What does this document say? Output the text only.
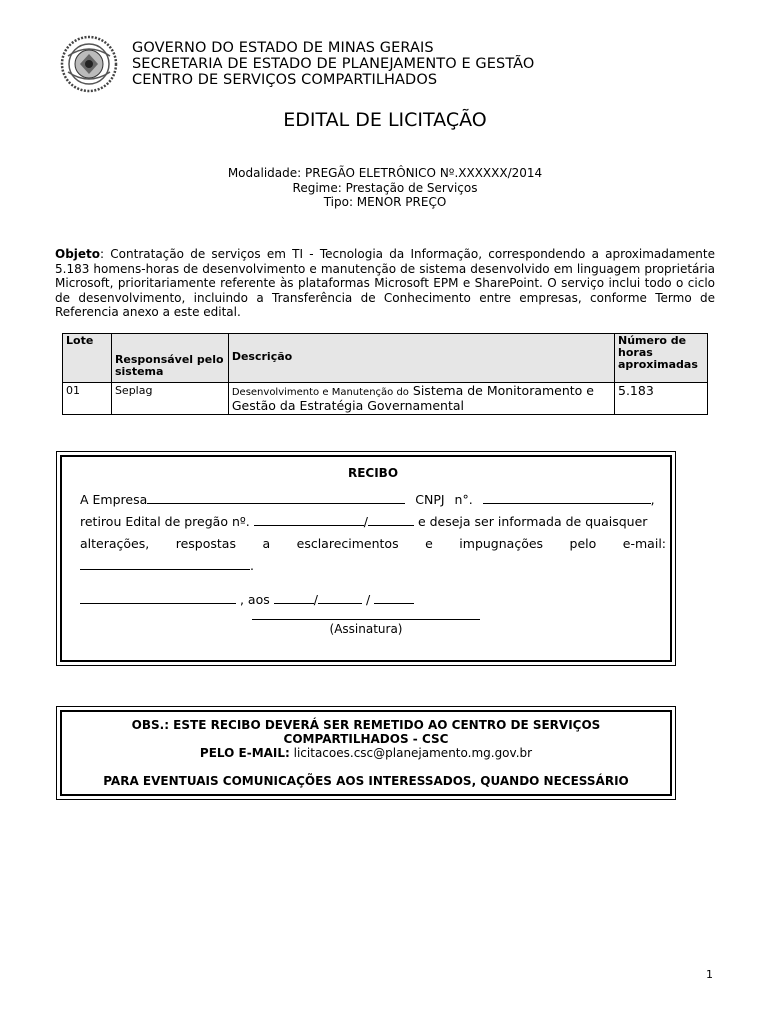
GOVERNO DO ESTADO DE MINAS GERAIS
SECRETARIA DE ESTADO DE PLANEJAMENTO E GESTÃO
CENTRO DE SERVIÇOS COMPARTILHADOS
EDITAL DE LICITAÇÃO
Modalidade: PREGÃO ELETRÔNICO Nº.XXXXXX/2014
Regime: Prestação de Serviços
Tipo: MENOR PREÇO
Objeto: Contratação de serviços em TI - Tecnologia da Informação, correspondendo a aproximadamente 5.183 homens-horas de desenvolvimento e manutenção de sistema desenvolvido em linguagem proprietária Microsoft, prioritariamente referente às plataformas Microsoft EPM e SharePoint. O serviço inclui todo o ciclo de desenvolvimento, incluindo a Transferência de Conhecimento entre empresas, conforme Termo de Referencia anexo a este edital.
Lote	Responsável pelo sistema	Descrição	Número de horas aproximadas
01	Seplag	Desenvolvimento e Manutenção do Sistema de Monitoramento e Gestão da Estratégia Governamental	5.183
RECIBO
A Empresa	CNPJ n°.	,
retirou Edital de pregão nº.	/	e deseja ser informada de quaisquer
alterações, respostas a esclarecimentos e impugnações pelo e-mail:
.
, aos	/	/
(Assinatura)
OBS.: ESTE RECIBO DEVERÁ SER REMETIDO AO CENTRO DE SERVIÇOS
COMPARTILHADOS - CSC
PELO E-MAIL: licitacoes.csc@planejamento.mg.gov.br
PARA EVENTUAIS COMUNICAÇÕES AOS INTERESSADOS, QUANDO NECESSÁRIO
1
